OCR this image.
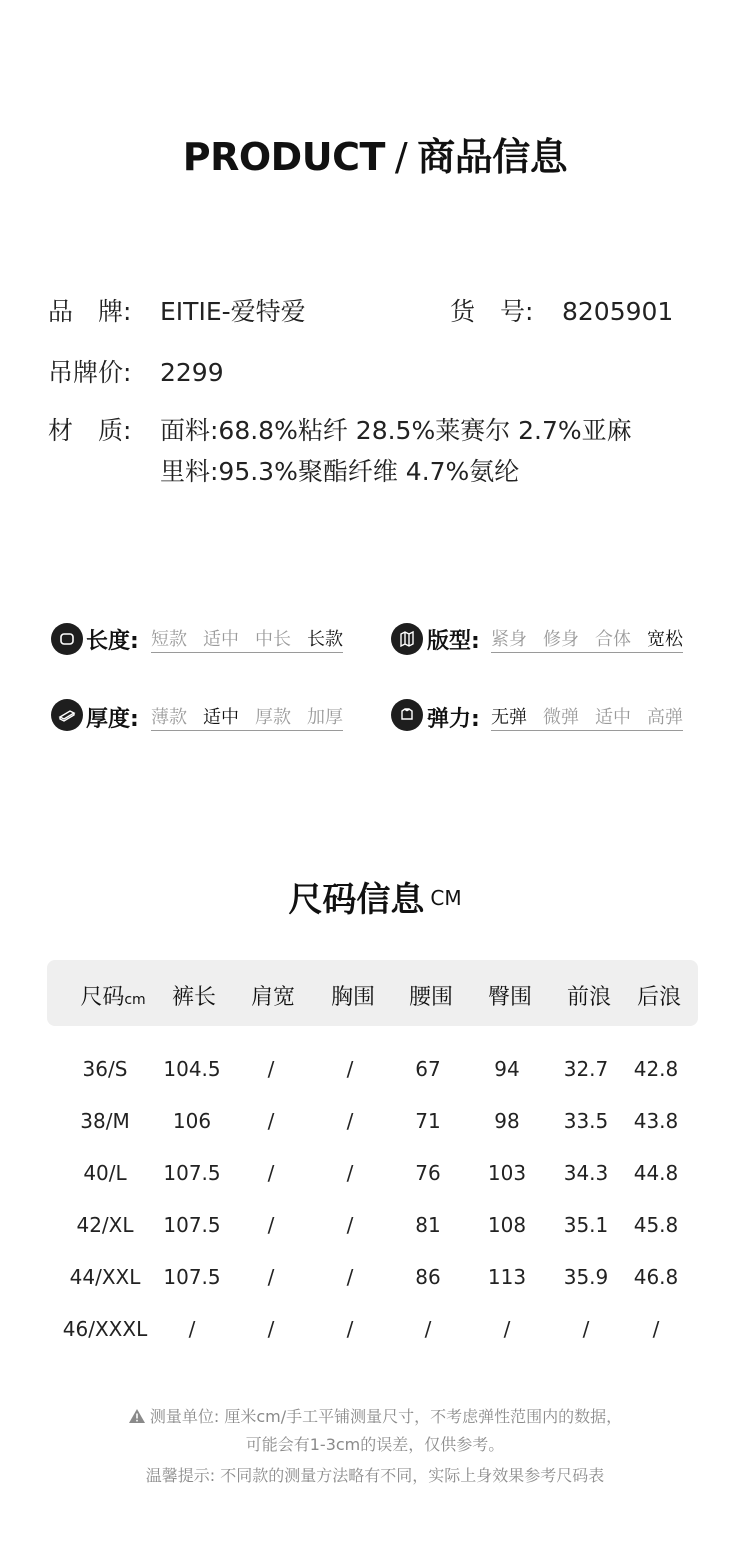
PRODUCT / 商品信息
品　牌: EITIE-爱特爱	货　号: 8205901
吊牌价: 2299
材　质: 面料:68.8%粘纤 28.5%莱赛尔 2.7%亚麻
里料:95.3%聚酯纤维 4.7%氨纶
长度: 短款 适中 中长 长款	版型: 紧身 修身 合体 宽松
厚度: 薄款 适中 厚款 加厚	弹力: 无弹 微弹 适中 高弹
尺码信息 CM
尺码cm 裤长 肩宽 胸围 腰围 臀围 前浪 后浪
36/S 104.5 /	/	67	94 32.7 42.8
38/M 106	/	/	71	98 33.5 43.8
40/L 107.5 /	/	76 103 34.3 44.8
42/XL 107.5 /	/	81 108 35.1 45.8
44/XXL 107.5 /	/	86 113 35.9 46.8
46/XXXL /	/	/	/	/	/	/
测量单位: 厘米cm/手工平铺测量尺寸，不考虑弹性范围内的数据，
可能会有1-3cm的误差，仅供参考。
温馨提示: 不同款的测量方法略有不同，实际上身效果参考尺码表
